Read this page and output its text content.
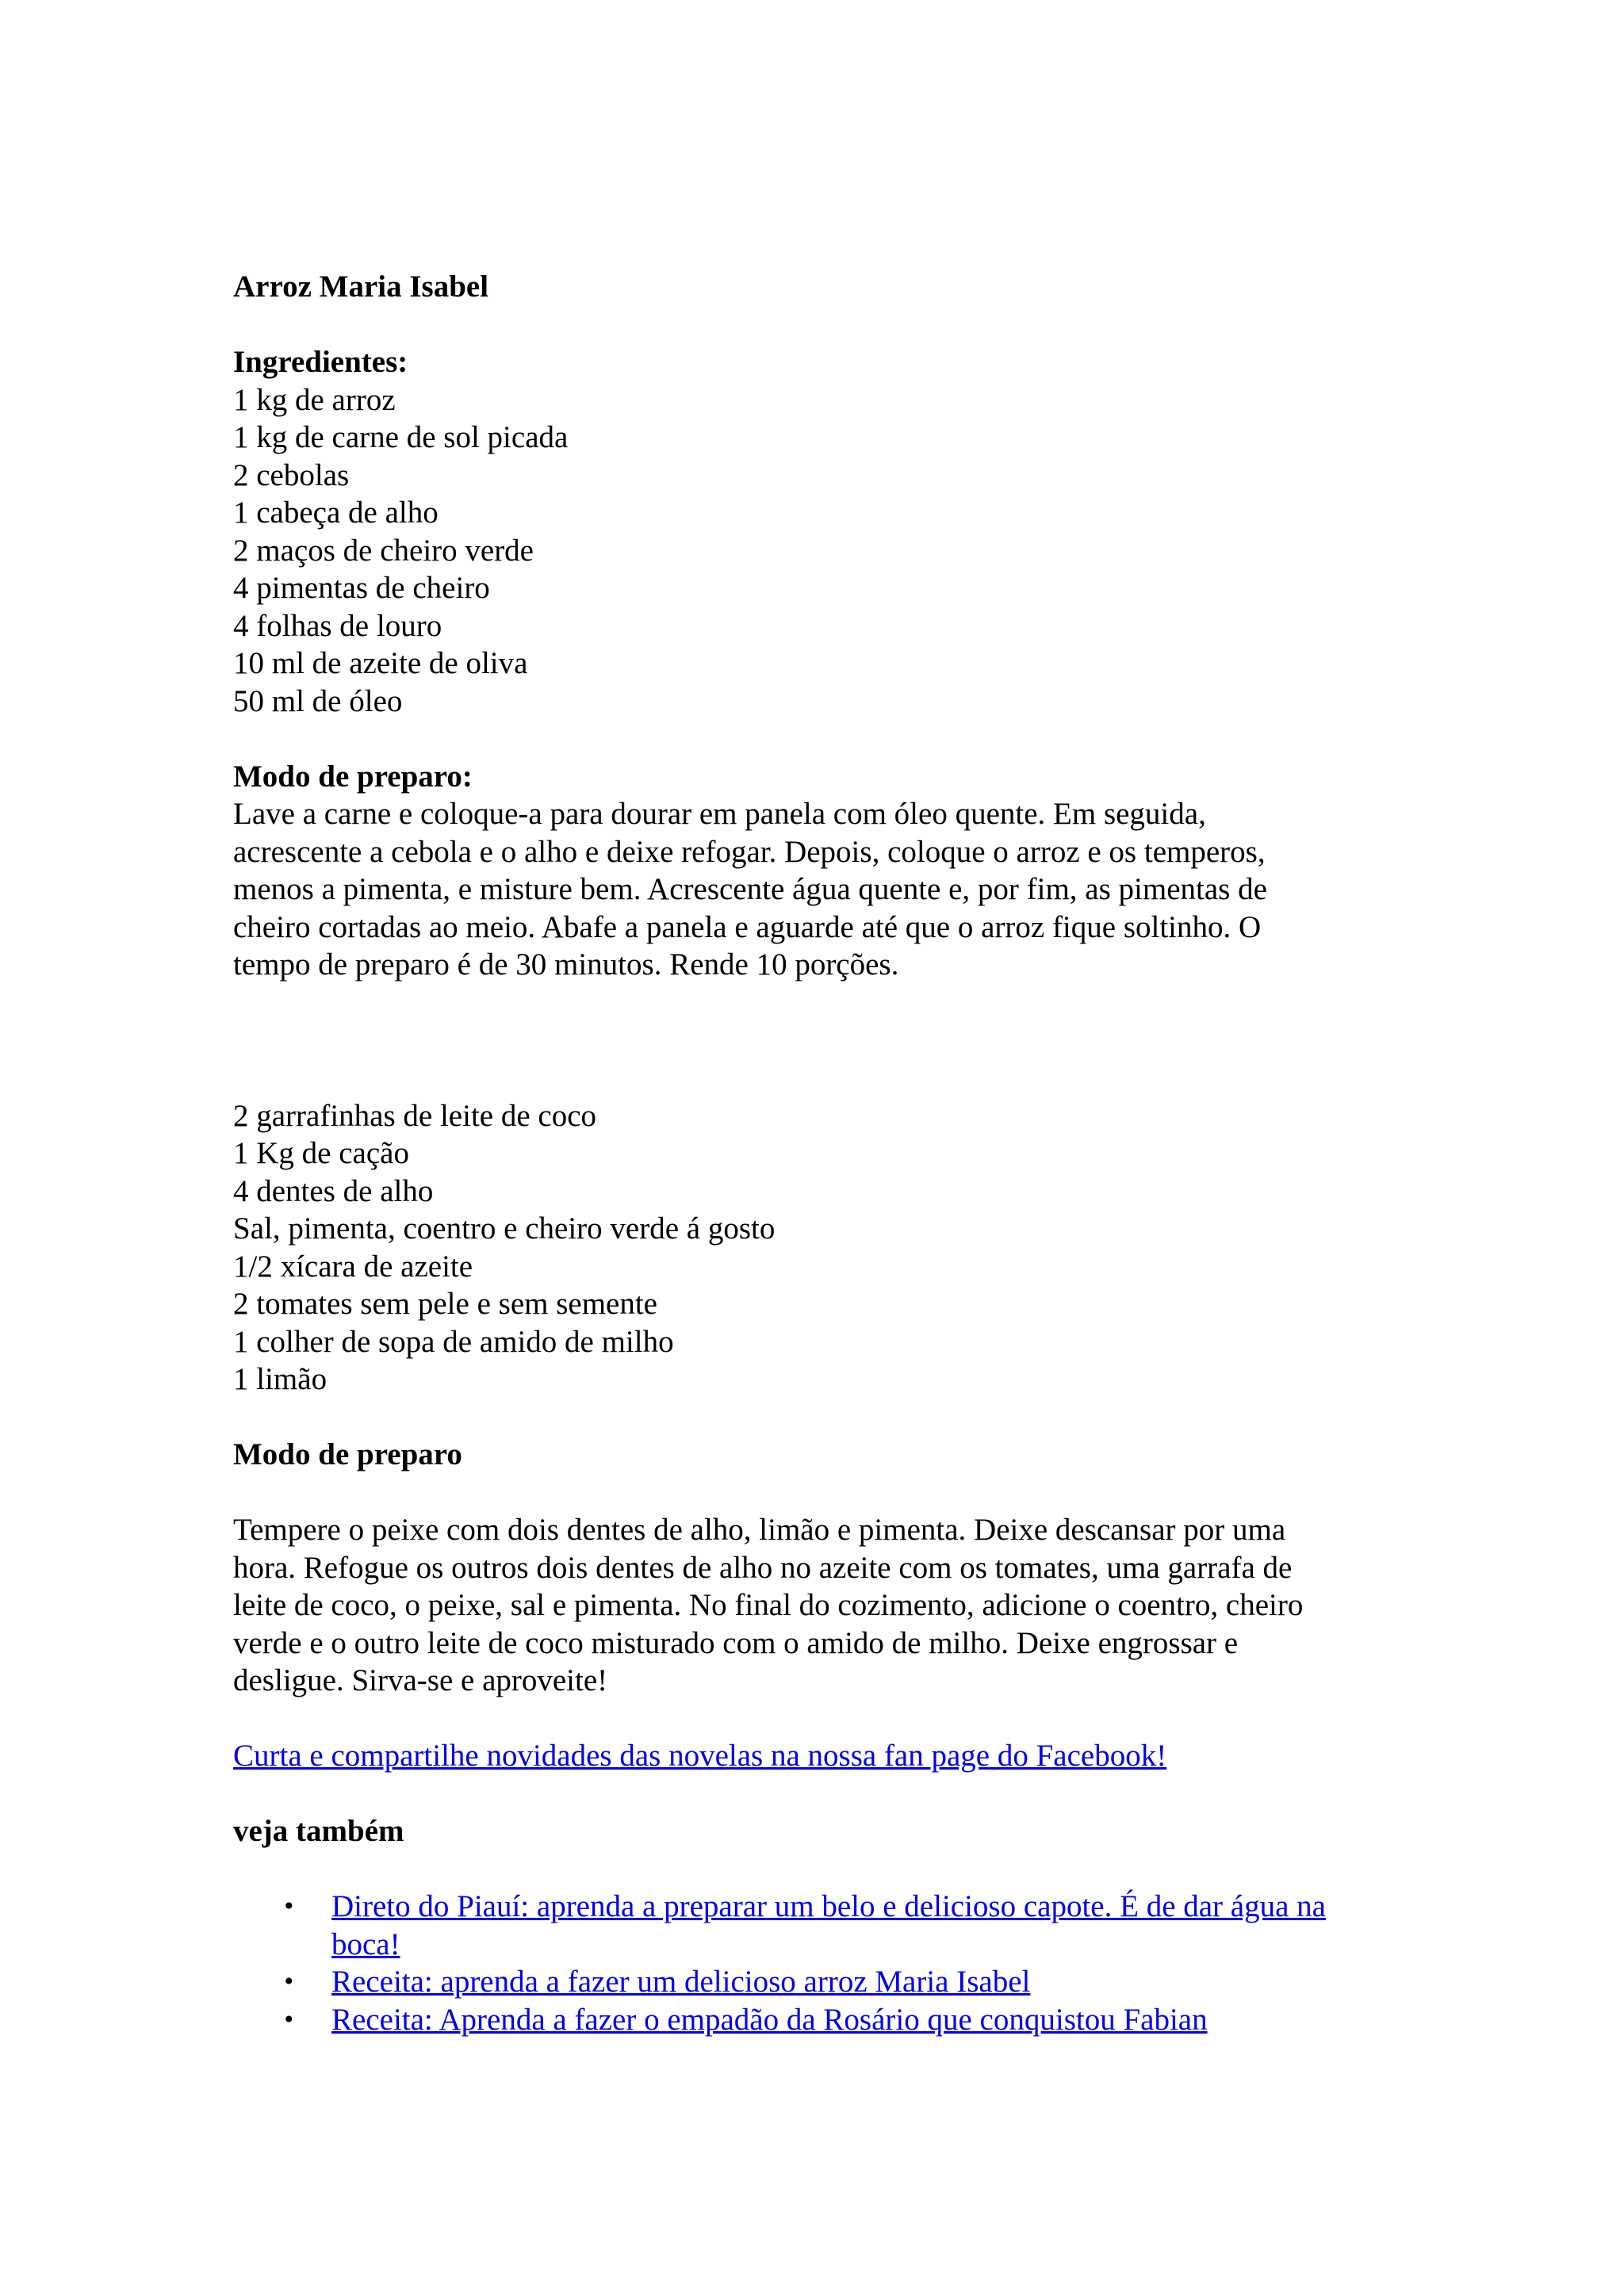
Arroz Maria Isabel
Ingredientes:
1 kg de arroz
1 kg de carne de sol picada
2 cebolas
1 cabeça de alho
2 maços de cheiro verde
4 pimentas de cheiro
4 folhas de louro
10 ml de azeite de oliva
50 ml de óleo
Modo de preparo:
Lave a carne e coloque-a para dourar em panela com óleo quente. Em seguida,
acrescente a cebola e o alho e deixe refogar. Depois, coloque o arroz e os temperos,
menos a pimenta, e misture bem. Acrescente água quente e, por fim, as pimentas de
cheiro cortadas ao meio. Abafe a panela e aguarde até que o arroz fique soltinho. O
tempo de preparo é de 30 minutos. Rende 10 porções.
2 garrafinhas de leite de coco
1 Kg de cação
4 dentes de alho
Sal, pimenta, coentro e cheiro verde á gosto
1/2 xícara de azeite
2 tomates sem pele e sem semente
1 colher de sopa de amido de milho
1 limão
Modo de preparo
Tempere o peixe com dois dentes de alho, limão e pimenta. Deixe descansar por uma
hora. Refogue os outros dois dentes de alho no azeite com os tomates, uma garrafa de
leite de coco, o peixe, sal e pimenta. No final do cozimento, adicione o coentro, cheiro
verde e o outro leite de coco misturado com o amido de milho. Deixe engrossar e
desligue. Sirva-se e aproveite!
Curta e compartilhe novidades das novelas na nossa fan page do Facebook!
veja também
• Direto do Piauí: aprenda a preparar um belo e delicioso capote. É de dar água na boca!
• Receita: aprenda a fazer um delicioso arroz Maria Isabel
• Receita: Aprenda a fazer o empadão da Rosário que conquistou Fabian
